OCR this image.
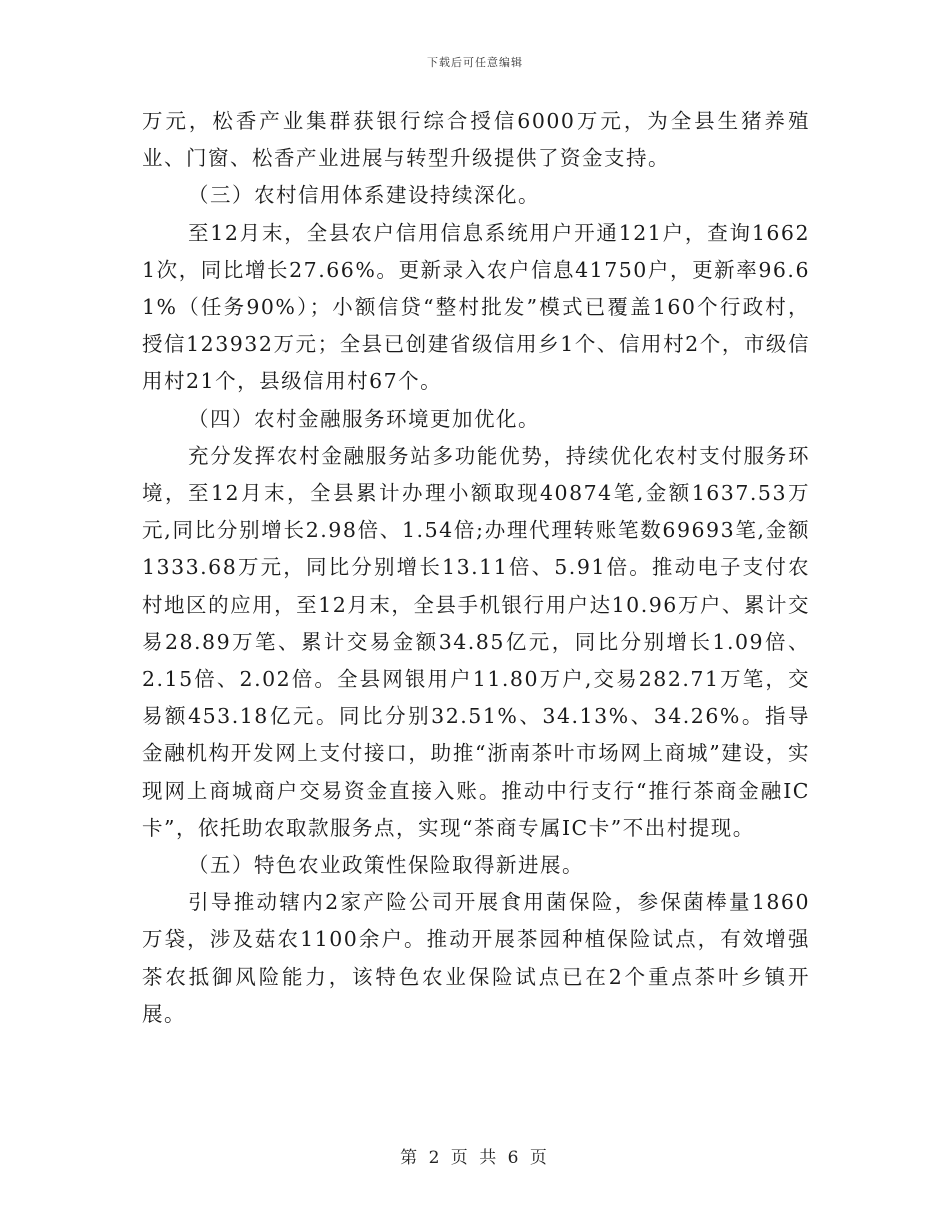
下载后可任意编辑

万元，松香产业集群获银行综合授信6000万元，为全县生猪养殖业、门窗、松香产业进展与转型升级提供了资金支持。

（三）农村信用体系建设持续深化。

至12月末，全县农户信用信息系统用户开通121户，查询16621次，同比增长27.66%。更新录入农户信息41750户，更新率96.61%（任务90%）；小额信贷“整村批发”模式已覆盖160个行政村，授信123932万元；全县已创建省级信用乡1个、信用村2个，市级信用村21个，县级信用村67个。

（四）农村金融服务环境更加优化。

充分发挥农村金融服务站多功能优势，持续优化农村支付服务环境，至12月末，全县累计办理小额取现40874笔,金额1637.53万元,同比分别增长2.98倍、1.54倍;办理代理转账笔数69693笔,金额1333.68万元，同比分别增长13.11倍、5.91倍。推动电子支付农村地区的应用，至12月末，全县手机银行用户达10.96万户、累计交易28.89万笔、累计交易金额34.85亿元，同比分别增长1.09倍、2.15倍、2.02倍。全县网银用户11.80万户,交易282.71万笔，交易额453.18亿元。同比分别32.51%、34.13%、34.26%。指导金融机构开发网上支付接口，助推“浙南茶叶市场网上商城”建设，实现网上商城商户交易资金直接入账。推动中行支行“推行茶商金融IC卡”，依托助农取款服务点，实现“茶商专属IC卡”不出村提现。

（五）特色农业政策性保险取得新进展。

引导推动辖内2家产险公司开展食用菌保险，参保菌棒量1860万袋，涉及菇农1100余户。推动开展茶园种植保险试点，有效增强茶农抵御风险能力，该特色农业保险试点已在2个重点茶叶乡镇开展。

第 2 页 共 6 页
